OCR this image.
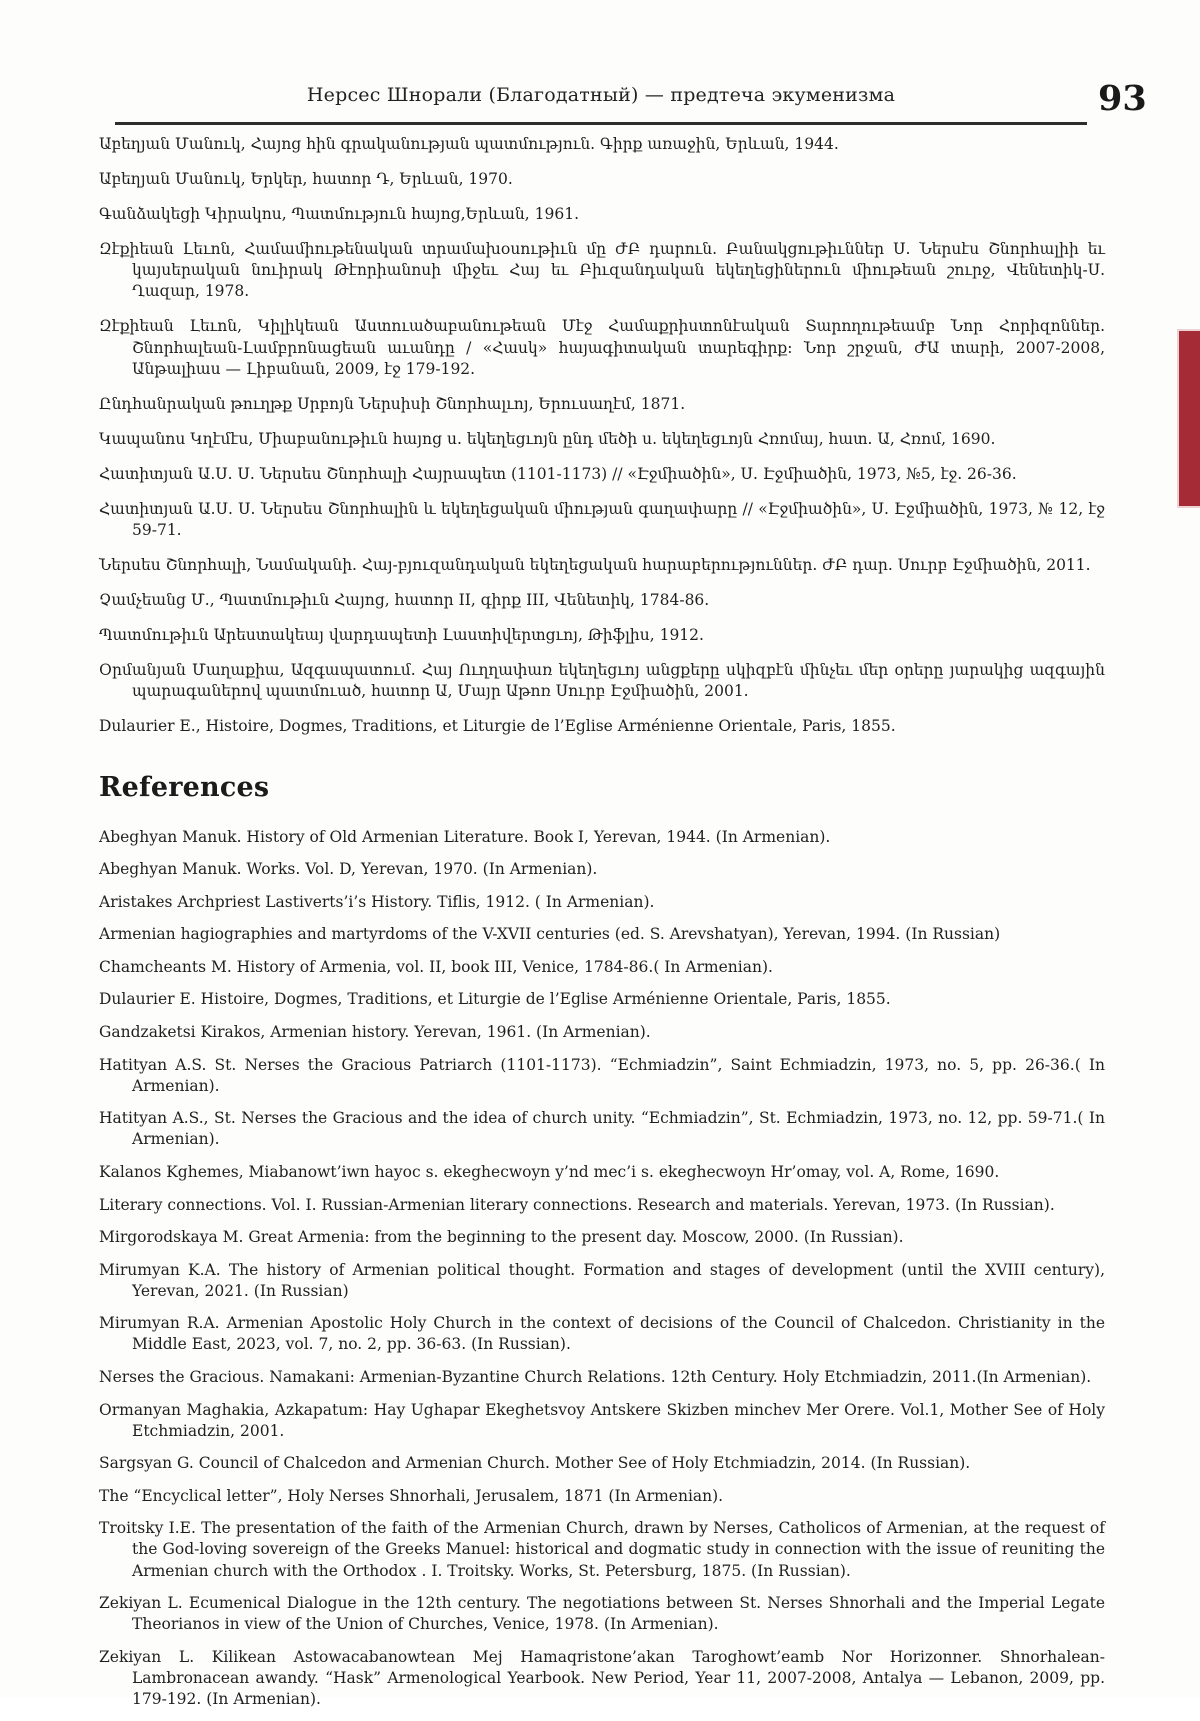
Нерсес Шнорали (Благодатный) — предтеча экуменизма	93

Աբեղյան Մանուկ, Հայոց հին գրականության պատմություն. Գիրք առաջին, Երևան, 1944.

Աբեղյան Մանուկ, Երկեր, հատոր Դ, Երևան, 1970.

Գանձակեցի Կիրակոս, Պատմություն հայոց,Երևան, 1961.

Զէքիեան Լեւոն, Համամիութենական տրամախօսութիւն մը ԺԲ դարուն. Բանակցութիւններ Ս. Ներսէս Շնորհալիի եւ կայսերական նուիրակ Թէորիանոսի միջեւ Հայ եւ Բիւզանդական եկեղեցիներուն միութեան շուրջ, Վենետիկ-Ս. Ղազար, 1978.

Զէքիեան Լեւոն, Կիլիկեան Աստուածաբանութեան Մէջ Համաքրիստոնէական Տարողութեամբ Նոր Հորիզոններ. Շնորհալեան-Լամբրոնացեան աւանդը / «Հասկ» հայագիտական տարեգիրք: Նոր շրջան, ԺԱ տարի, 2007-2008, Անթալիաս — Լիբանան, 2009, էջ 179-192.

Ընդհանրական թուղթք Սրբոյն Ներսիսի Շնորհալւոյ, Երուսաղէմ, 1871.

Կապանոս Կղէմէս, Միաբանութիւն հայոց ս. եկեղեցւոյն ընդ մեծի ս. եկեղեցւոյն Հռոմայ, հատ. Ա, Հռոմ, 1690.

Հատիտյան Ա.Ս. Ս. Ներսես Շնորհալի Հայրապետ (1101-1173) // «Էջմիածին», Ս. Էջմիածին, 1973, №5, էջ. 26-36.

Հատիտյան Ա.Ս. Ս. Ներսես Շնորհալին և եկեղեցական միության գաղափարը // «Էջմիածին», Ս. Էջմիածին, 1973, № 12, էջ 59-71.

Ներսես Շնորհալի, Նամականի. Հայ-բյուզանդական եկեղեցական հարաբերություններ. ԺԲ դար. Սուրբ Էջմիածին, 2011.

Չամչեանց Մ., Պատմութիւն Հայոց, հատոր II, գիրք III, Վենետիկ, 1784-86.

Պատմութիւն Արեստակեայ վարդապետի Լաստիվերտցւոյ, Թիֆլիս, 1912.

Օրմանյան Մաղաքիա, Ազգապատում. Հայ Ուղղափառ եկեղեցւոյ անցքերը սկիզբէն մինչեւ մեր օրերը յարակից ազգային պարագաներով պատմուած, հատոր Ա, Մայր Աթոռ Սուրբ Էջմիածին, 2001.

Dulaurier E., Histoire, Dogmes, Traditions, et Liturgie de l’Eglise Arménienne Orientale, Paris, 1855.

References

Abeghyan Manuk. History of Old Armenian Literature. Book I, Yerevan, 1944. (In Armenian).

Abeghyan Manuk. Works. Vol. D, Yerevan, 1970. (In Armenian).

Aristakes Archpriest Lastiverts’i’s History. Tiflis, 1912. ( In Armenian).

Armenian hagiographies and martyrdoms of the V-XVII centuries (ed. S. Arevshatyan), Yerevan, 1994. (In Russian)

Chamcheants M. History of Armenia, vol. II, book III, Venice, 1784-86.( In Armenian).

Dulaurier E. Histoire, Dogmes, Traditions, et Liturgie de l’Eglise Arménienne Orientale, Paris, 1855.

Gandzaketsi Kirakos, Armenian history. Yerevan, 1961. (In Armenian).

Hatityan A.S. St. Nerses the Gracious Patriarch (1101-1173). “Echmiadzin”, Saint Echmiadzin, 1973, no. 5, pp. 26-36.( In Armenian).

Hatityan A.S., St. Nerses the Gracious and the idea of church unity. “Echmiadzin”, St. Echmiadzin, 1973, no. 12, pp. 59-71.( In Armenian).

Kalanos Kghemes, Miabanowt’iwn hayoc s. ekeghecwoyn y’nd mec’i s. ekeghecwoyn Hr’omay, vol. A, Rome, 1690.

Literary connections. Vol. I. Russian-Armenian literary connections. Research and materials. Yerevan, 1973. (In Russian).

Mirgorodskaya M. Great Armenia: from the beginning to the present day. Moscow, 2000. (In Russian).

Mirumyan K.A. The history of Armenian political thought. Formation and stages of development (until the XVIII century), Yerevan, 2021. (In Russian)

Mirumyan R.A. Armenian Apostolic Holy Church in the context of decisions of the Council of Chalcedon. Christianity in the Middle East, 2023, vol. 7, no. 2, pp. 36-63. (In Russian).

Nerses the Gracious. Namakani: Armenian-Byzantine Church Relations. 12th Century. Holy Etchmiadzin, 2011.(In Armenian).

Ormanyan Maghakia, Azkapatum: Hay Ughapar Ekeghetsvoy Antskere Skizben minchev Mer Orere. Vol.1, Mother See of Holy Etchmiadzin, 2001.

Sargsyan G. Council of Chalcedon and Armenian Church. Mother See of Holy Etchmiadzin, 2014. (In Russian).

The “Encyclical letter”, Holy Nerses Shnorhali, Jerusalem, 1871 (In Armenian).

Troitsky I.E. The presentation of the faith of the Armenian Church, drawn by Nerses, Catholicos of Armenian, at the request of the God-loving sovereign of the Greeks Manuel: historical and dogmatic study in connection with the issue of reuniting the Armenian church with the Orthodox . I. Troitsky. Works, St. Petersburg, 1875. (In Russian).

Zekiyan L. Ecumenical Dialogue in the 12th century. The negotiations between St. Nerses Shnorhali and the Imperial Legate Theorianos in view of the Union of Churches, Venice, 1978. (In Armenian).

Zekiyan L. Kilikean Astowacabanowtean Mej Hamaqristone’akan Taroghowt’eamb Nor Horizonner. Shnorhalean-Lambronacean awandy. “Hask” Armenological Yearbook. New Period, Year 11, 2007-2008, Antalya — Lebanon, 2009, pp. 179-192. (In Armenian).
